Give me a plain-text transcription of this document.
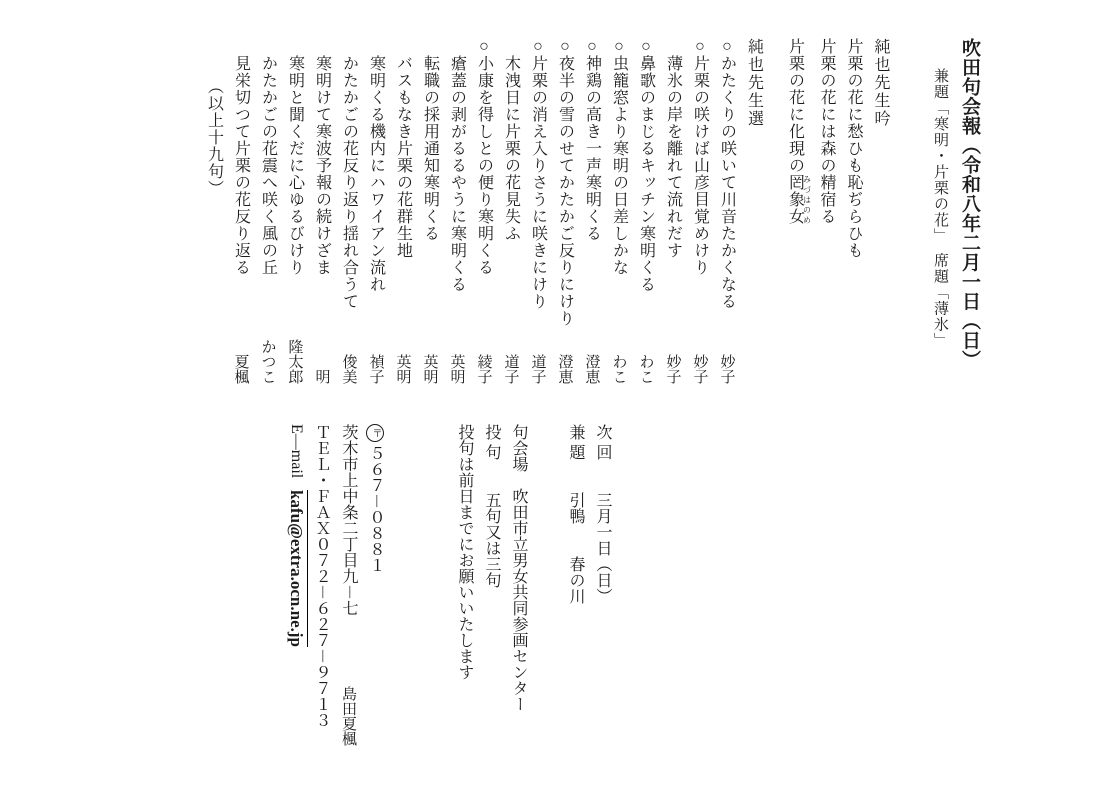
吹田句会報（令和八年二月一日（日）
兼題「寒明・片栗の花」　席題「薄氷」
純也先生吟
片栗の花に愁ひも恥ぢらひも
片栗の花には森の精宿る
片栗の花に化現の罔象女 みづはのめ
純也先生選
○かたくりの咲いて川音たかくなる
妙子
○片栗の咲けば山彦目覚めけり
妙子
薄氷の岸を離れて流れだす
妙子
○鼻歌のまじるキッチン寒明くる
わこ
○虫籠窓より寒明の日差しかな
わこ
○神鶏の高き一声寒明くる
澄恵
○夜半の雪のせてかたかご反りにけり
澄恵
○片栗の消え入りさうに咲きにけり
道子
木洩日に片栗の花見失ふ
道子
○小康を得しとの便り寒明くる
綾子
瘡蓋の剥がるるやうに寒明くる
英明
転職の採用通知寒明くる
英明
バスもなき片栗の花群生地
英明
寒明くる機内にハワイアン流れ
禎子
かたかごの花反り返り揺れ合うて
俊美
寒明けて寒波予報の続けざま
明
寒明と聞くだに心ゆるびけり
隆太郎
かたかごの花震へ咲く風の丘
かつこ
見栄切つて片栗の花反り返る
夏楓
（以上十九句）
次 回　　三月一日（日）
兼 題　　引鴨　　春の川
句会場　吹田市立男女共同参画センター
投 句　　五句又は三句
投句は前日までにお願いいたします
〒５６７－０８８１
茨木市上中条二丁目九－七
島田夏楓
ＴＥＬ・ＦＡＸ０７２－６２７－９７１３
E—mailkafu@extra.ocn.ne.jp
